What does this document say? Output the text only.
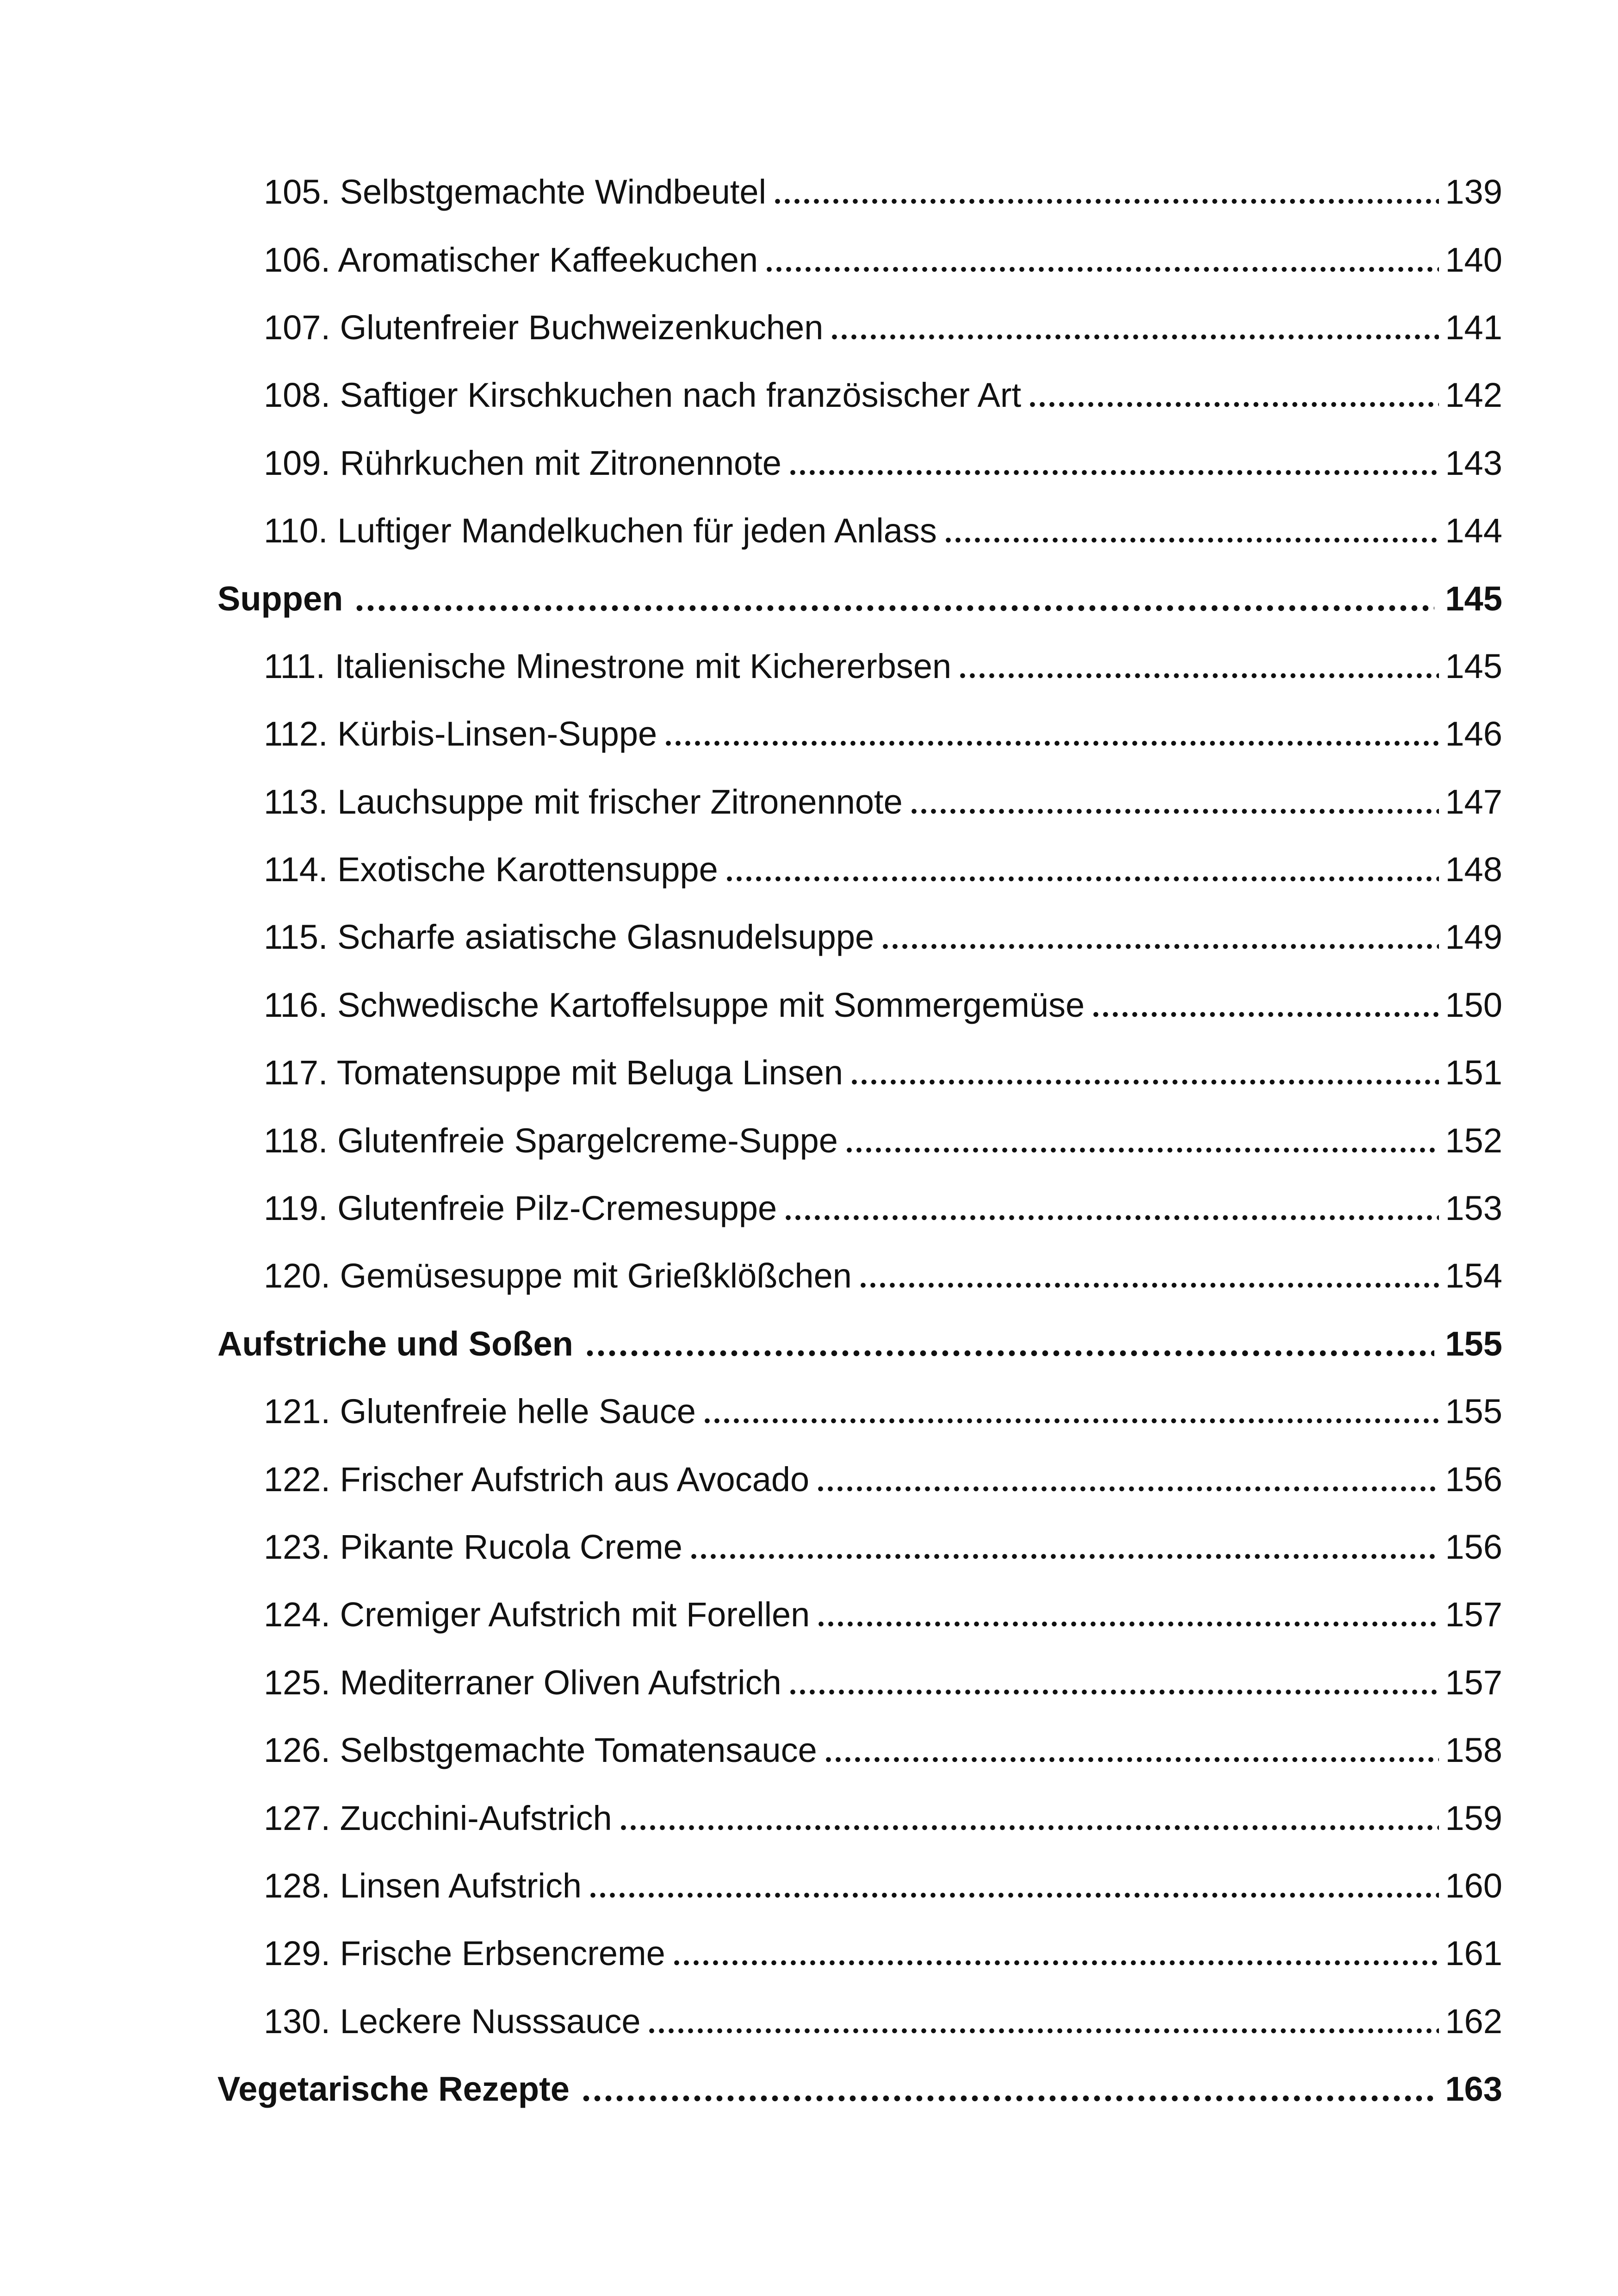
105. Selbstgemachte Windbeutel	139
106. Aromatischer Kaffeekuchen	140
107. Glutenfreier Buchweizenkuchen	141
108. Saftiger Kirschkuchen nach französischer Art	142
109. Rührkuchen mit Zitronennote	143
110. Luftiger Mandelkuchen für jeden Anlass	144
Suppen	145
111. Italienische Minestrone mit Kichererbsen	145
112. Kürbis-Linsen-Suppe	146
113. Lauchsuppe mit frischer Zitronennote	147
114. Exotische Karottensuppe	148
115. Scharfe asiatische Glasnudelsuppe	149
116. Schwedische Kartoffelsuppe mit Sommergemüse	150
117. Tomatensuppe mit Beluga Linsen	151
118. Glutenfreie Spargelcreme-Suppe	152
119. Glutenfreie Pilz-Cremesuppe	153
120. Gemüsesuppe mit Grießklößchen	154
Aufstriche und Soßen	155
121. Glutenfreie helle Sauce	155
122. Frischer Aufstrich aus Avocado	156
123. Pikante Rucola Creme	156
124. Cremiger Aufstrich mit Forellen	157
125. Mediterraner Oliven Aufstrich	157
126. Selbstgemachte Tomatensauce	158
127. Zucchini-Aufstrich	159
128. Linsen Aufstrich	160
129. Frische Erbsencreme	161
130. Leckere Nusssauce	162
Vegetarische Rezepte	163
